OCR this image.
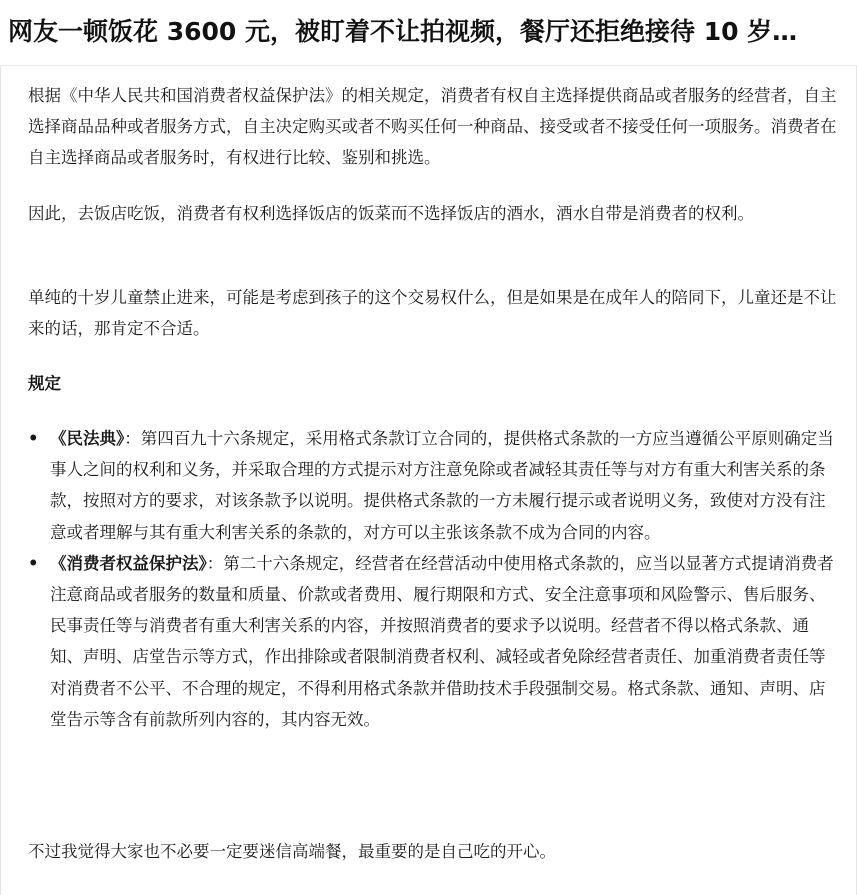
网友一顿饭花 3600 元，被盯着不让拍视频，餐厅还拒绝接待 10 岁…

根据《中华人民共和国消费者权益保护法》的相关规定，消费者有权自主选择提供商品或者服务的经营者，自主选择商品品种或者服务方式，自主决定购买或者不购买任何一种商品、接受或者不接受任何一项服务。消费者在自主选择商品或者服务时，有权进行比较、鉴别和挑选。

因此，去饭店吃饭，消费者有权利选择饭店的饭菜而不选择饭店的酒水，酒水自带是消费者的权利。

单纯的十岁儿童禁止进来，可能是考虑到孩子的这个交易权什么，但是如果是在成年人的陪同下，儿童还是不让来的话，那肯定不合适。

规定

• 《民法典》：第四百九十六条规定，采用格式条款订立合同的，提供格式条款的一方应当遵循公平原则确定当事人之间的权利和义务，并采取合理的方式提示对方注意免除或者减轻其责任等与对方有重大利害关系的条款，按照对方的要求，对该条款予以说明。提供格式条款的一方未履行提示或者说明义务，致使对方没有注意或者理解与其有重大利害关系的条款的，对方可以主张该条款不成为合同的内容。
• 《消费者权益保护法》：第二十六条规定，经营者在经营活动中使用格式条款的，应当以显著方式提请消费者注意商品或者服务的数量和质量、价款或者费用、履行期限和方式、安全注意事项和风险警示、售后服务、民事责任等与消费者有重大利害关系的内容，并按照消费者的要求予以说明。经营者不得以格式条款、通知、声明、店堂告示等方式，作出排除或者限制消费者权利、减轻或者免除经营者责任、加重消费者责任等对消费者不公平、不合理的规定，不得利用格式条款并借助技术手段强制交易。格式条款、通知、声明、店堂告示等含有前款所列内容的，其内容无效。

不过我觉得大家也不必要一定要迷信高端餐，最重要的是自己吃的开心。
